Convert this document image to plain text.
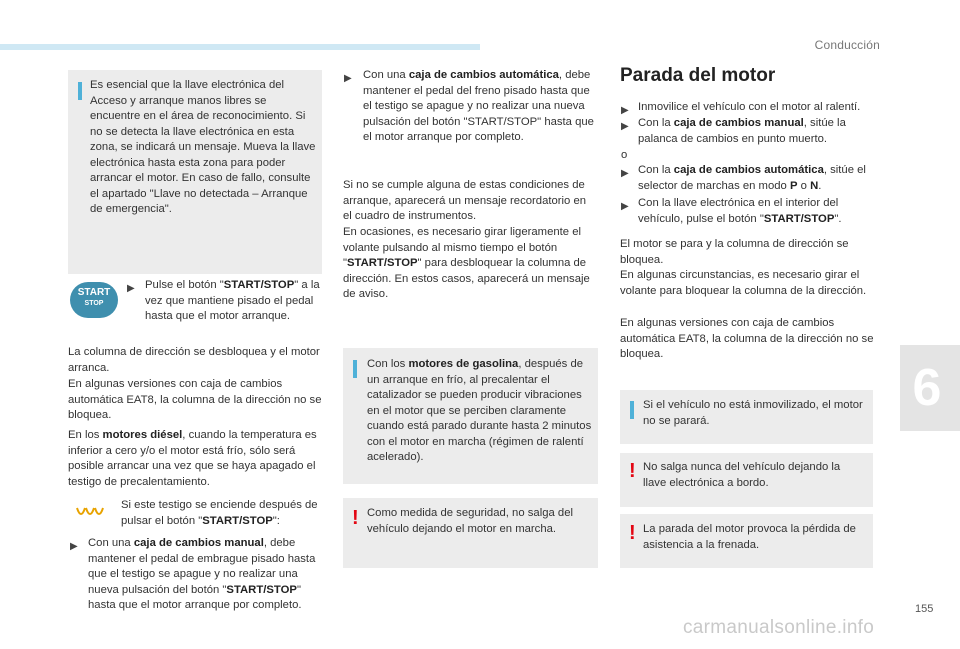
Conducción

Es esencial que la llave electrónica del Acceso y arranque manos libres se encuentre en el área de reconocimiento. Si no se detecta la llave electrónica en esta zona, se indicará un mensaje. Mueva la llave electrónica hasta esta zona para poder arrancar el motor. En caso de fallo, consulte el apartado "Llave no detectada – Arranque de emergencia".

START
STOP
▶ Pulse el botón "START/STOP" a la vez que mantiene pisado el pedal hasta que el motor arranque.

La columna de dirección se desbloquea y el motor arranca.

En algunas versiones con caja de cambios automática EAT8, la columna de la dirección no se bloquea.

En los motores diésel, cuando la temperatura es inferior a cero y/o el motor está frío, sólo será posible arrancar una vez que se haya apagado el testigo de precalentamiento.

Si este testigo se enciende después de pulsar el botón "START/STOP":

▶ Con una caja de cambios manual, debe mantener el pedal de embrague pisado hasta que el testigo se apague y no realizar una nueva pulsación del botón "START/STOP" hasta que el motor arranque por completo.

▶ Con una caja de cambios automática, debe mantener el pedal del freno pisado hasta que el testigo se apague y no realizar una nueva pulsación del botón "START/STOP" hasta que el motor arranque por completo.

Si no se cumple alguna de estas condiciones de arranque, aparecerá un mensaje recordatorio en el cuadro de instrumentos.

En ocasiones, es necesario girar ligeramente el volante pulsando al mismo tiempo el botón "START/STOP" para desbloquear la columna de dirección. En estos casos, aparecerá un mensaje de aviso.

Con los motores de gasolina, después de un arranque en frío, al precalentar el catalizador se pueden producir vibraciones en el motor que se perciben claramente cuando está parado durante hasta 2 minutos con el motor en marcha (régimen de ralentí acelerado).

! Como medida de seguridad, no salga del vehículo dejando el motor en marcha.

Parada del motor
▶ Inmovilice el vehículo con el motor al ralentí.

▶ Con la caja de cambios manual, sitúe la palanca de cambios en punto muerto.

o

▶ Con la caja de cambios automática, sitúe el selector de marchas en modo P o N.

▶ Con la llave electrónica en el interior del vehículo, pulse el botón "START/STOP".

El motor se para y la columna de dirección se bloquea.

En algunas circunstancias, es necesario girar el volante para bloquear la columna de la dirección.

En algunas versiones con caja de cambios automática EAT8, la columna de la dirección no se bloquea.

Si el vehículo no está inmovilizado, el motor no se parará.

! No salga nunca del vehículo dejando la llave electrónica a bordo.

! La parada del motor provoca la pérdida de asistencia a la frenada.

6
155
carmanualsonline.info
